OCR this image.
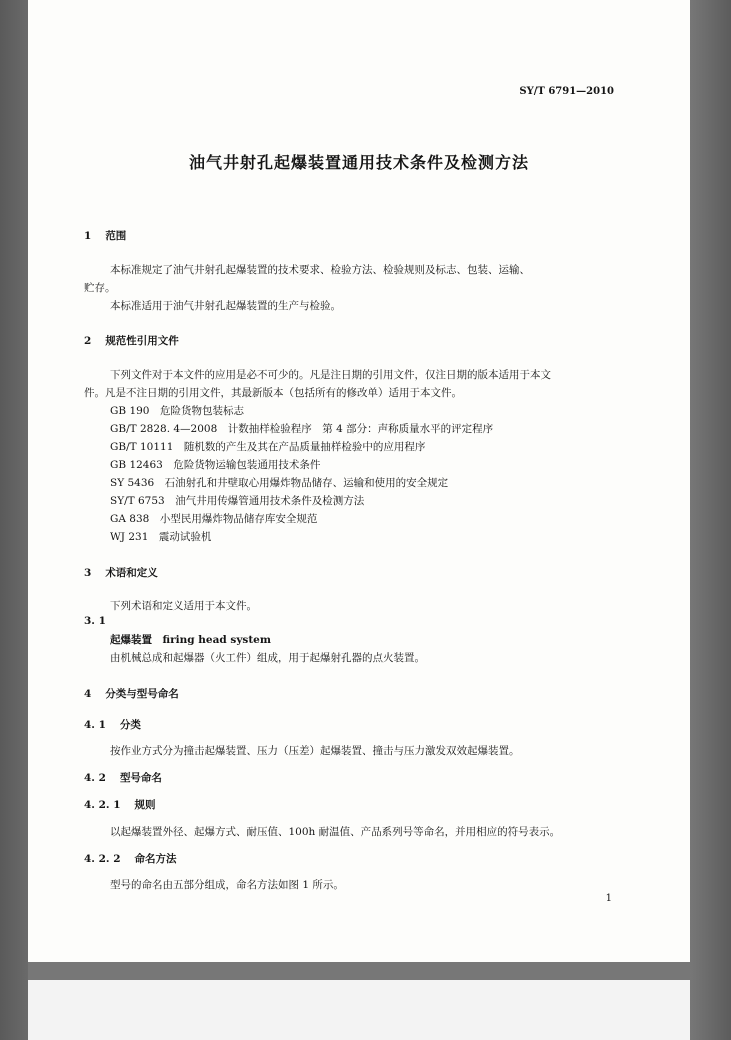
SY/T 6791—2010
油气井射孔起爆装置通用技术条件及检测方法
1 范围
本标准规定了油气井射孔起爆装置的技术要求、检验方法、检验规则及标志、包装、运输、
贮存。
本标准适用于油气井射孔起爆装置的生产与检验。
2 规范性引用文件
下列文件对于本文件的应用是必不可少的。凡是注日期的引用文件，仅注日期的版本适用于本文
件。凡是不注日期的引用文件，其最新版本（包括所有的修改单）适用于本文件。
GB 190　危险货物包装标志
GB/T 2828. 4—2008　计数抽样检验程序　第 4 部分：声称质量水平的评定程序
GB/T 10111　随机数的产生及其在产品质量抽样检验中的应用程序
GB 12463　危险货物运输包装通用技术条件
SY 5436　石油射孔和井壁取心用爆炸物品储存、运输和使用的安全规定
SY/T 6753　油气井用传爆管通用技术条件及检测方法
GA 838　小型民用爆炸物品储存库安全规范
WJ 231　震动试验机
3 术语和定义
下列术语和定义适用于本文件。
3. 1
起爆装置　firing head system
由机械总成和起爆器（火工件）组成，用于起爆射孔器的点火装置。
4 分类与型号命名
4. 1 分类
按作业方式分为撞击起爆装置、压力（压差）起爆装置、撞击与压力激发双效起爆装置。
4. 2 型号命名
4. 2. 1 规则
以起爆装置外径、起爆方式、耐压值、100h 耐温值、产品系列号等命名，并用相应的符号表示。
4. 2. 2 命名方法
型号的命名由五部分组成，命名方法如图 1 所示。
1
